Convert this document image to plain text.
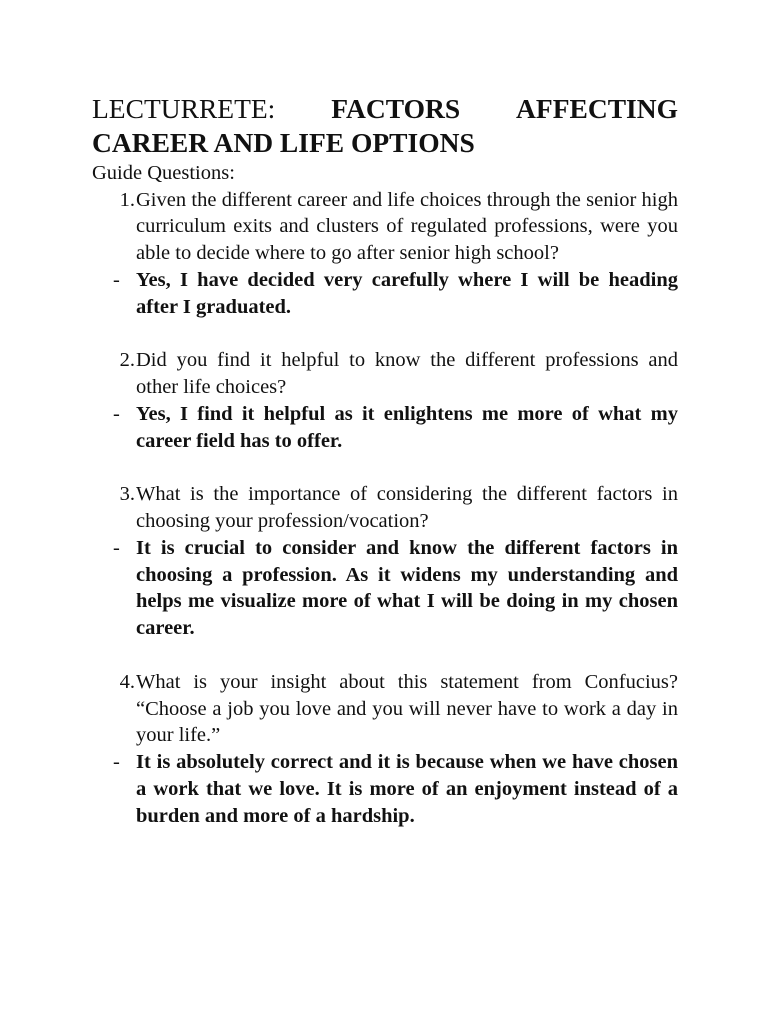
LECTURRETE: FACTORS AFFECTING

CAREER AND LIFE OPTIONS

Guide Questions:

1. Given the different career and life choices through the senior high curriculum exits and clusters of regulated professions, were you able to decide where to go after senior high school?
- Yes, I have decided very carefully where I will be heading after I graduated.
2. Did you find it helpful to know the different professions and other life choices?
- Yes, I find it helpful as it enlightens me more of what my career field has to offer.
3. What is the importance of considering the different factors in choosing your profession/vocation?
- It is crucial to consider and know the different factors in choosing a profession. As it widens my understanding and helps me visualize more of what I will be doing in my chosen career.
4. What is your insight about this statement from Confucius? “Choose a job you love and you will never have to work a day in your life.”
- It is absolutely correct and it is because when we have chosen a work that we love. It is more of an enjoyment instead of a burden and more of a hardship.
